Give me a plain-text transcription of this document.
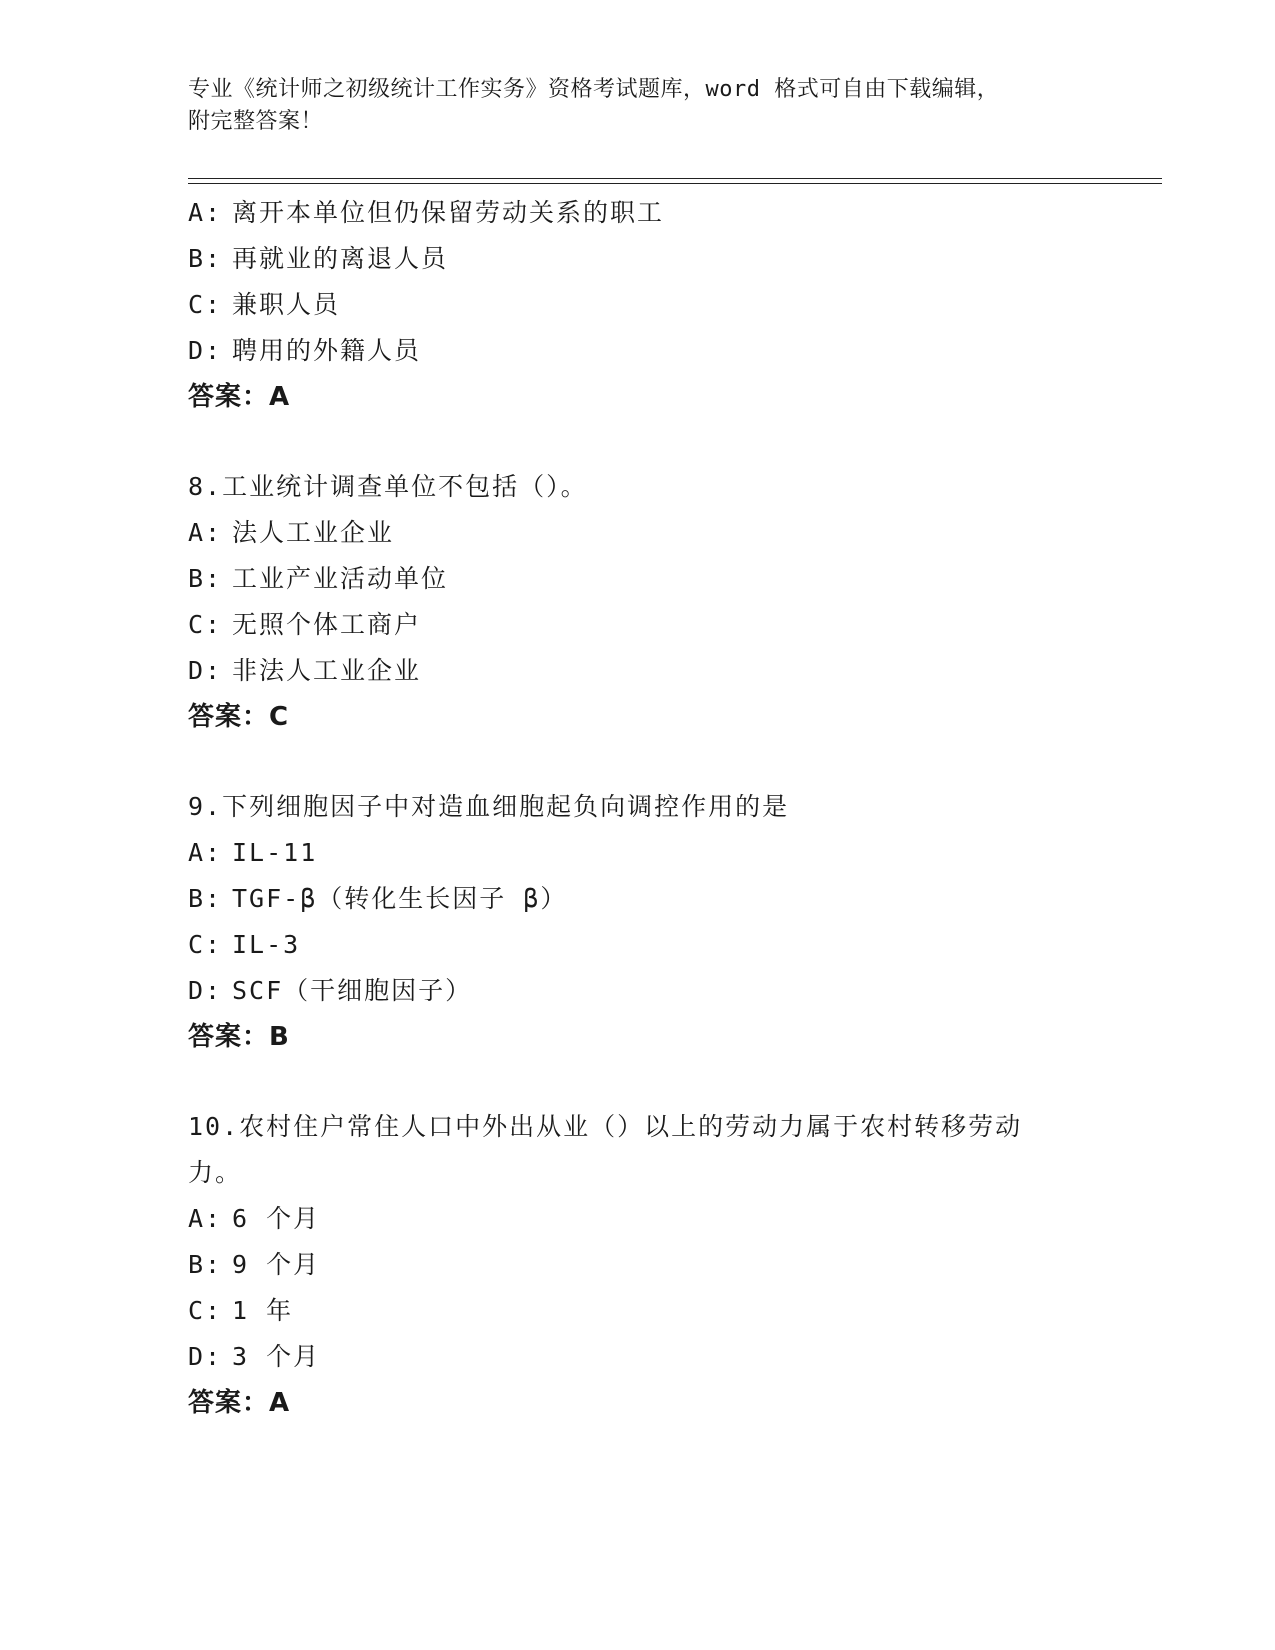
专业《统计师之初级统计工作实务》资格考试题库，word 格式可自由下载编辑，
附完整答案！
A: 离开本单位但仍保留劳动关系的职工
B: 再就业的离退人员
C: 兼职人员
D: 聘用的外籍人员
答案：A
8.工业统计调查单位不包括（）。
A: 法人工业企业
B: 工业产业活动单位
C: 无照个体工商户
D: 非法人工业企业
答案：C
9.下列细胞因子中对造血细胞起负向调控作用的是
A: IL-11
B: TGF-β（转化生长因子 β）
C: IL-3
D: SCF（干细胞因子）
答案：B
10.农村住户常住人口中外出从业（）以上的劳动力属于农村转移劳动
力。
A: 6 个月
B: 9 个月
C: 1 年
D: 3 个月
答案：A
